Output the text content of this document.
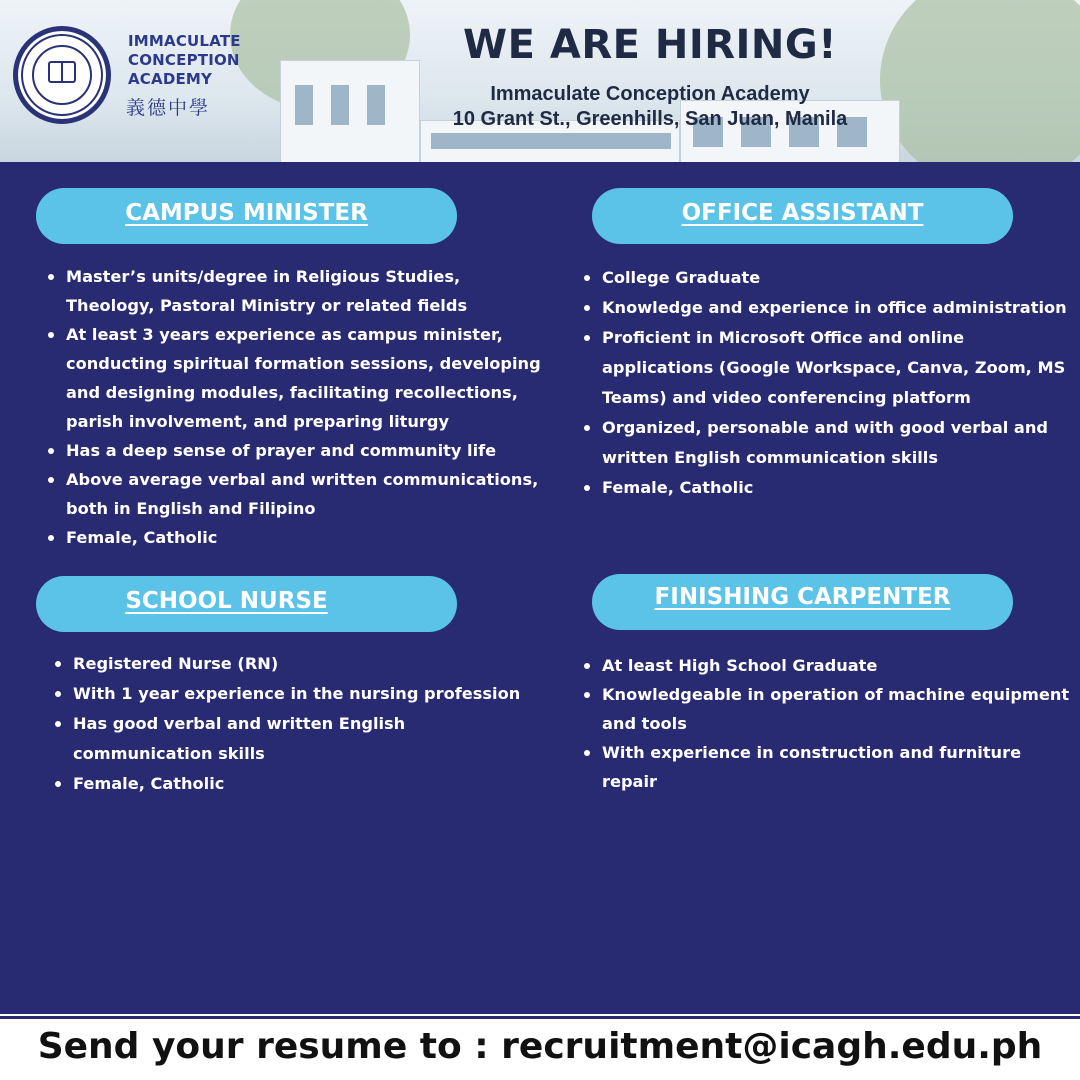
IMMACULATE
CONCEPTION
ACADEMY
義德中學
WE ARE HIRING!
Immaculate Conception Academy
10 Grant St., Greenhills, San Juan, Manila
CAMPUS MINISTER
Master’s units/degree in Religious Studies, Theology, Pastoral Ministry or related fields
At least 3 years experience as campus minister, conducting spiritual formation sessions, developing and designing modules, facilitating recollections, parish involvement, and preparing liturgy
Has a deep sense of prayer and community life
Above average verbal and written communications, both in English and Filipino
Female, Catholic
OFFICE ASSISTANT
College Graduate
Knowledge and experience in office administration
Proficient in Microsoft Office and online applications (Google Workspace, Canva, Zoom, MS Teams) and video conferencing platform
Organized, personable and with good verbal and written English communication skills
Female, Catholic
SCHOOL NURSE
Registered Nurse (RN)
With 1 year experience in the nursing profession
Has good verbal and written English communication skills
Female, Catholic
FINISHING CARPENTER
At least High School Graduate
Knowledgeable in operation of machine equipment and tools
With experience in construction and furniture repair
Send your resume to : recruitment@icagh.edu.ph
